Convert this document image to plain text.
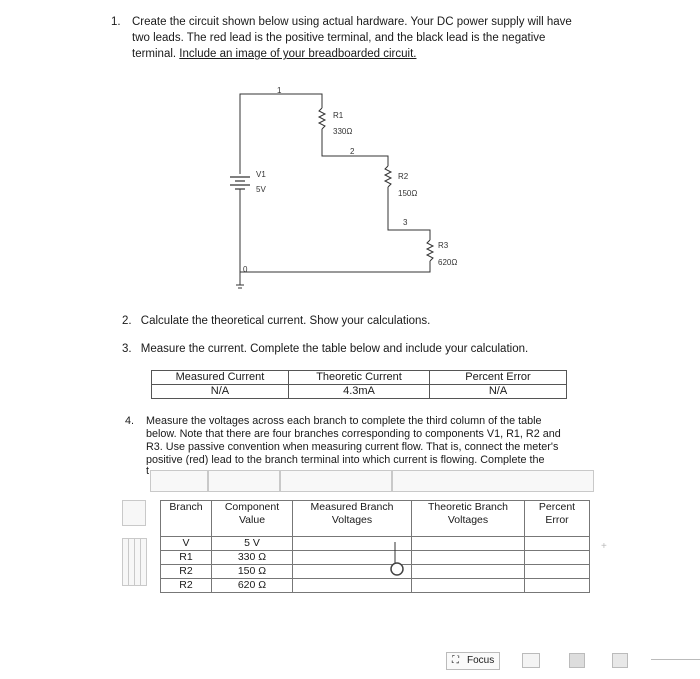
1. Create the circuit shown below using actual hardware. Your DC power supply will have
two leads. The red lead is the positive terminal, and the black lead is the negative
terminal. Include an image of your breadboarded circuit.
1
R1
330Ω
2
V1
5V
R2
150Ω
3
R3
620Ω
0
2. Calculate the theoretical current. Show your calculations.
3. Measure the current. Complete the table below and include your calculation.
Measured Current	Theoretic Current	Percent Error
N/A	4.3mA	N/A
4. Measure the voltages across each branch to complete the third column of the table
below. Note that there are four branches corresponding to components V1, R1, R2 and
R3. Use passive convention when measuring current flow. That is, connect the meter's
positive (red) lead to the branch terminal into which current is flowing. Complete the
t
Branch	Component Value	Measured Branch Voltages	Theoretic Branch Voltages	Percent Error
V	5 V			
R1	330 Ω			
R2	150 Ω			
R2	620 Ω			
+
⛶ Focus
